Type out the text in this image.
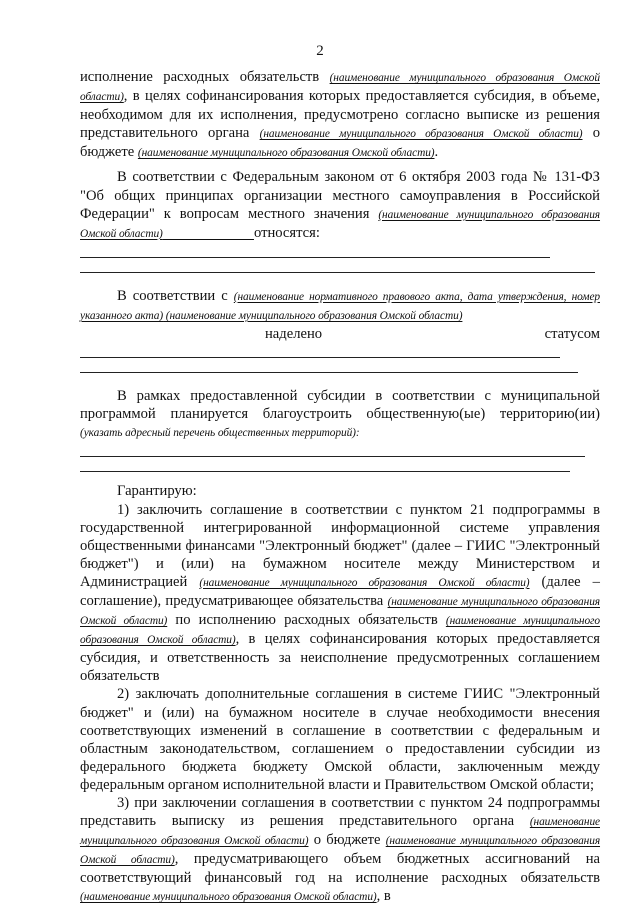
2

исполнение расходных обязательств (наименование муниципального образования Омской области), в целях софинансирования которых предоставляется субсидия, в объеме, необходимом для их исполнения, предусмотрено согласно выписке из решения представительного органа (наименование муниципального образования Омской области) о бюджете (наименование муниципального образования Омской области).

В соответствии с Федеральным законом от 6 октября 2003 года № 131-ФЗ "Об общих принципах организации местного самоуправления в Российской Федерации" к вопросам местного значения (наименование муниципального образования Омской области)	относятся:

В соответствии с (наименование нормативного правового акта, дата утверждения, номер указанного акта) (наименование муниципального образования Омской области)

наделено	статусом

В рамках предоставленной субсидии в соответствии с муниципальной программой планируется благоустроить общественную(ые) территорию(ии) (указать адресный перечень общественных территорий):

Гарантирую:

1) заключить соглашение в соответствии с пунктом 21 подпрограммы в государственной интегрированной информационной системе управления общественными финансами "Электронный бюджет" (далее – ГИИС "Электронный бюджет") и (или) на бумажном носителе между Министерством и Администрацией (наименование муниципального образования Омской области) (далее – соглашение), предусматривающее обязательства (наименование муниципального образования Омской области) по исполнению расходных обязательств (наименование муниципального образования Омской области), в целях софинансирования которых предоставляется субсидия, и ответственность за неисполнение предусмотренных соглашением обязательств

2) заключать дополнительные соглашения в системе ГИИС "Электронный бюджет" и (или) на бумажном носителе в случае необходимости внесения соответствующих изменений в соглашение в соответствии с федеральным и областным законодательством, соглашением о предоставлении субсидии из федерального бюджета бюджету Омской области, заключенным между федеральным органом исполнительной власти и Правительством Омской области;

3) при заключении соглашения в соответствии с пунктом 24 подпрограммы представить выписку из решения представительного органа (наименование муниципального образования Омской области) о бюджете (наименование муниципального образования Омской области), предусматривающего объем бюджетных ассигнований на соответствующий финансовый год на исполнение расходных обязательств (наименование муниципального образования Омской области), в
